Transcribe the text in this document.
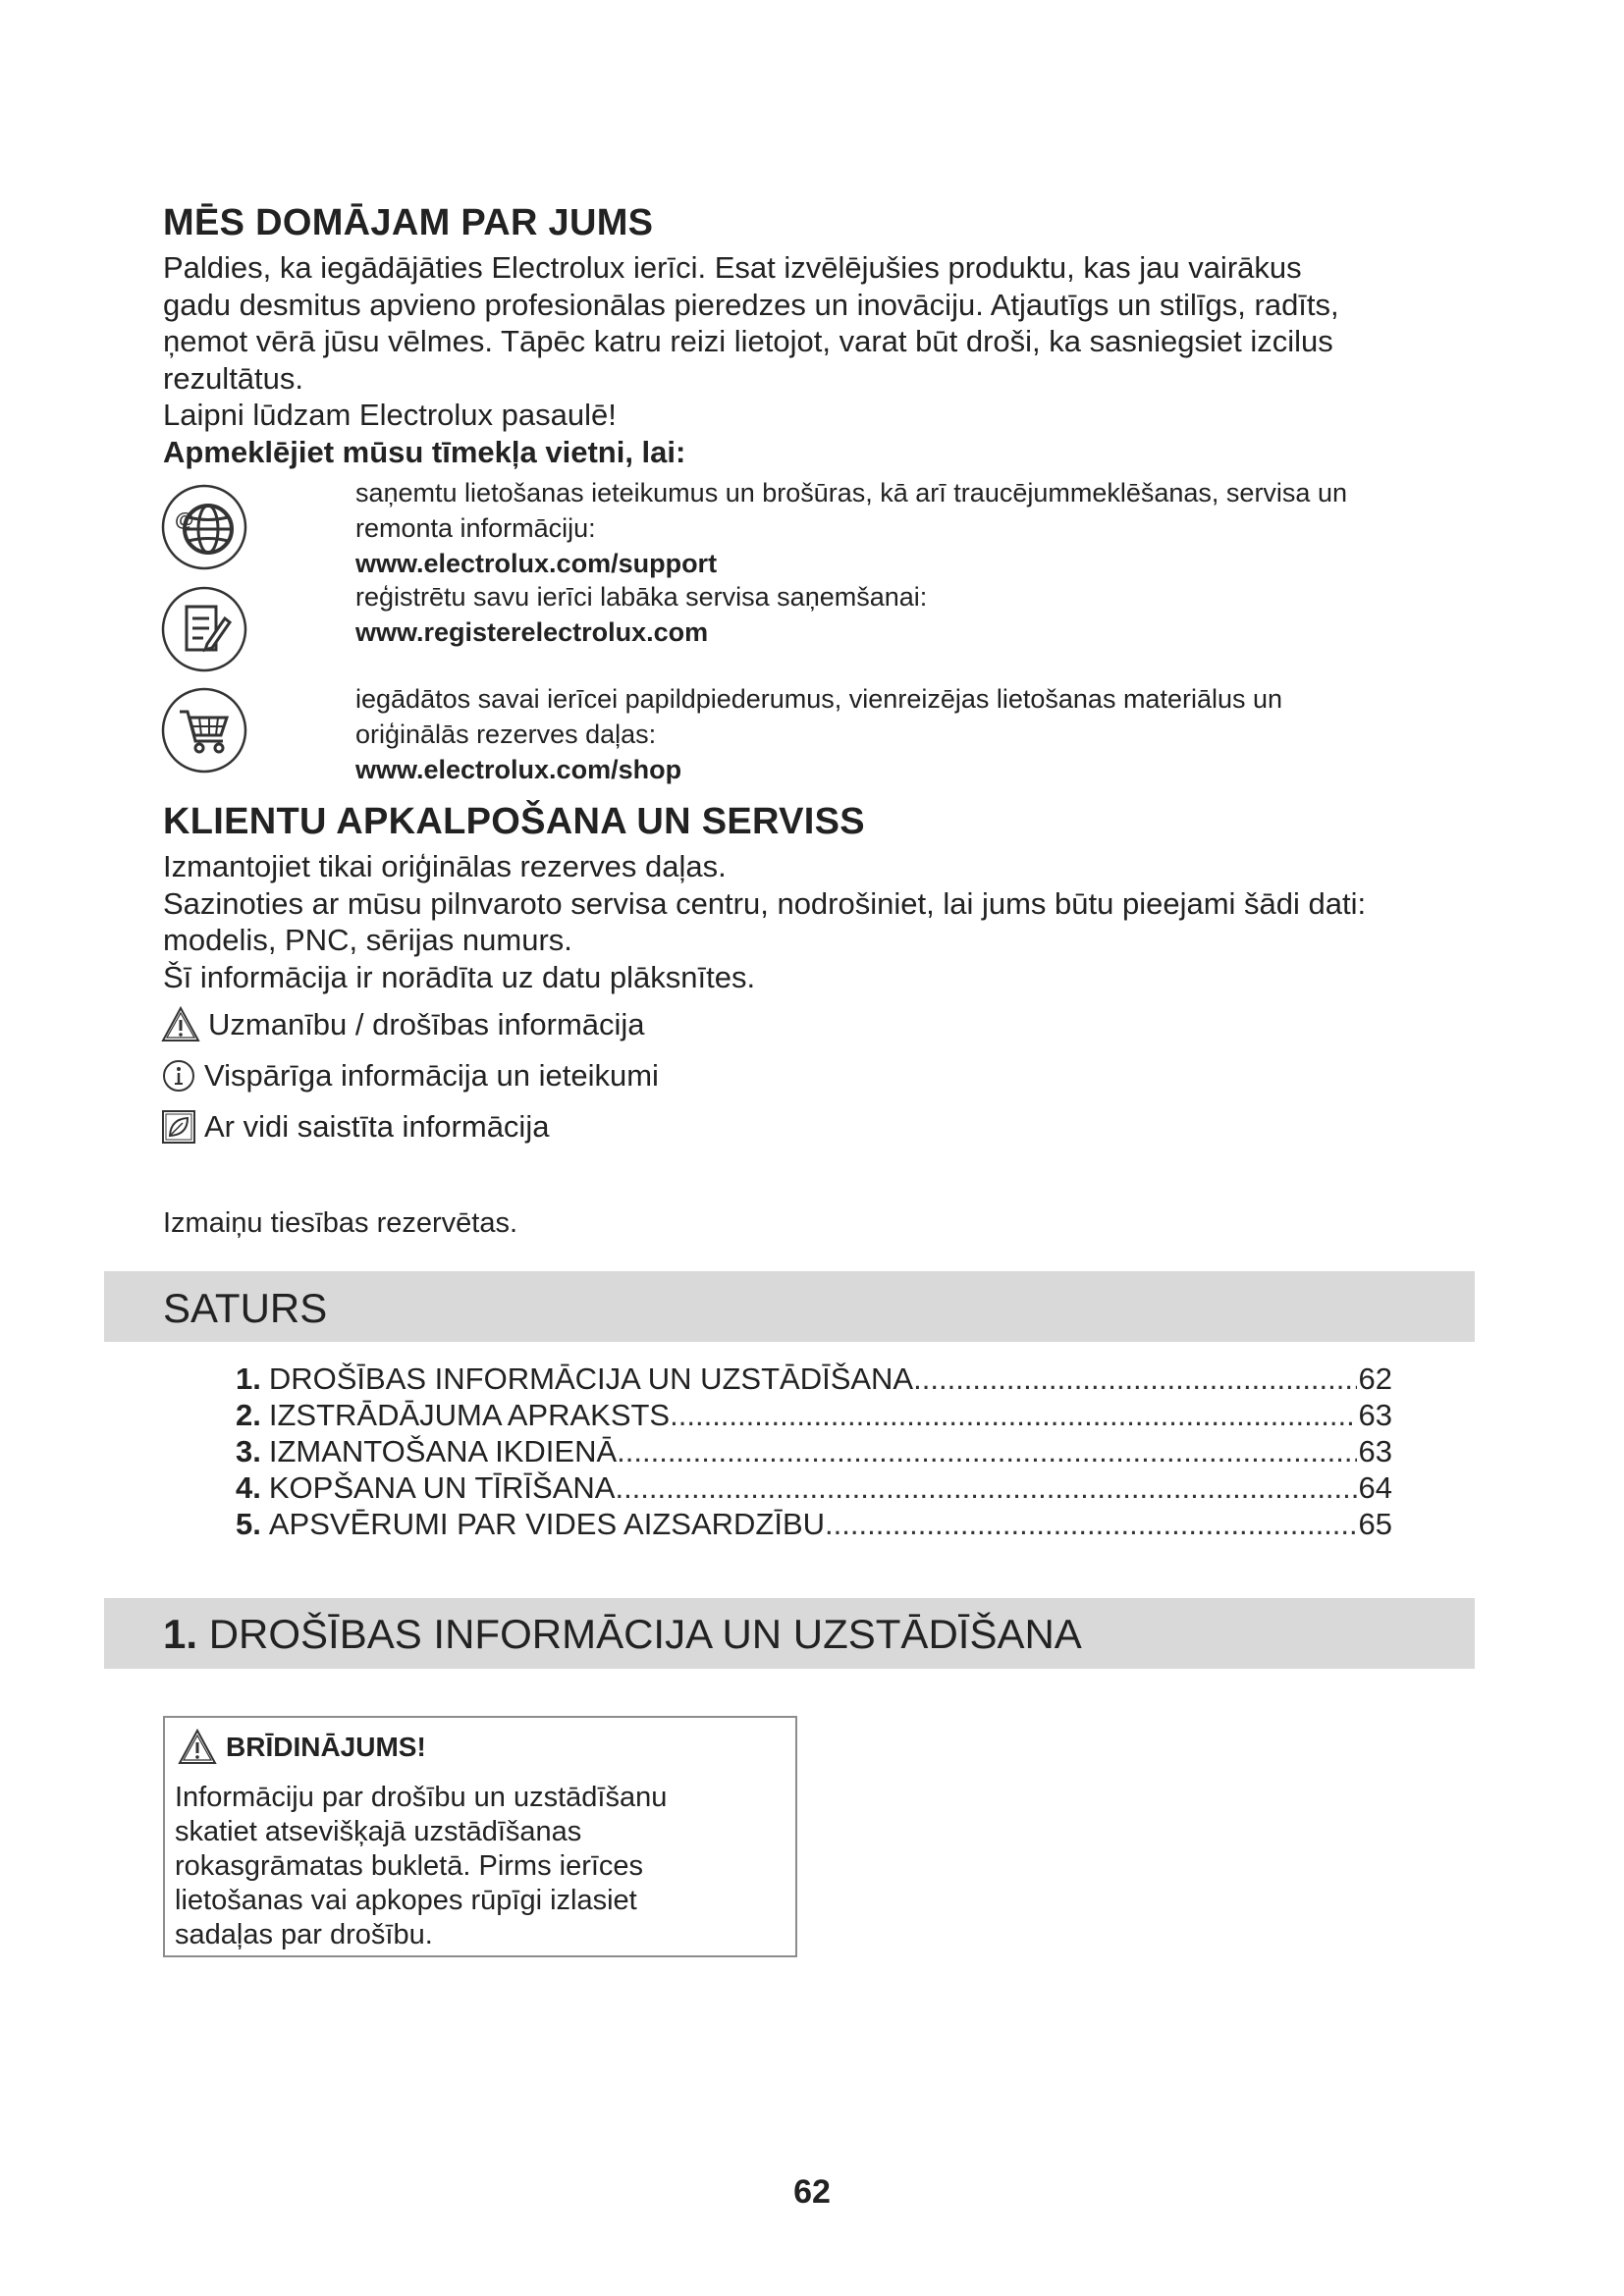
MĒS DOMĀJAM PAR JUMS
Paldies, ka iegādājāties Electrolux ierīci. Esat izvēlējušies produktu, kas jau vairākus
gadu desmitus apvieno profesionālas pieredzes un inovāciju. Atjautīgs un stilīgs, radīts,
ņemot vērā jūsu vēlmes. Tāpēc katru reizi lietojot, varat būt droši, ka sasniegsiet izcilus
rezultātus.
Laipni lūdzam Electrolux pasaulē!
Apmeklējiet mūsu tīmekļa vietni, lai:
@
saņemtu lietošanas ieteikumus un brošūras, kā arī traucējummeklēšanas, servisa un
remonta informāciju:
www.electrolux.com/support
reģistrētu savu ierīci labāka servisa saņemšanai:
www.registerelectrolux.com
iegādātos savai ierīcei papildpiederumus, vienreizējas lietošanas materiālus un
oriģinālās rezerves daļas:
www.electrolux.com/shop
KLIENTU APKALPOŠANA UN SERVISS
Izmantojiet tikai oriģinālas rezerves daļas.
Sazinoties ar mūsu pilnvaroto servisa centru, nodrošiniet, lai jums būtu pieejami šādi dati:
modelis, PNC, sērijas numurs.
Šī informācija ir norādīta uz datu plāksnītes.
Uzmanību / drošības informācija
Vispārīga informācija un ieteikumi
Ar vidi saistīta informācija
Izmaiņu tiesības rezervētas.
SATURS
1. DROŠĪBAS INFORMĀCIJA UN UZSTĀDĪŠANA .....	62
2. IZSTRĀDĀJUMA APRAKSTS .....	63
3. IZMANTOŠANA IKDIENĀ .....	63
4. KOPŠANA UN TĪRĪŠANA .....	64
5. APSVĒRUMI PAR VIDES AIZSARDZĪBU .....	65
1. DROŠĪBAS INFORMĀCIJA UN UZSTĀDĪŠANA
BRĪDINĀJUMS!
Informāciju par drošību un uzstādīšanu
skatiet atsevišķajā uzstādīšanas
rokasgrāmatas bukletā. Pirms ierīces
lietošanas vai apkopes rūpīgi izlasiet
sadaļas par drošību.
62
